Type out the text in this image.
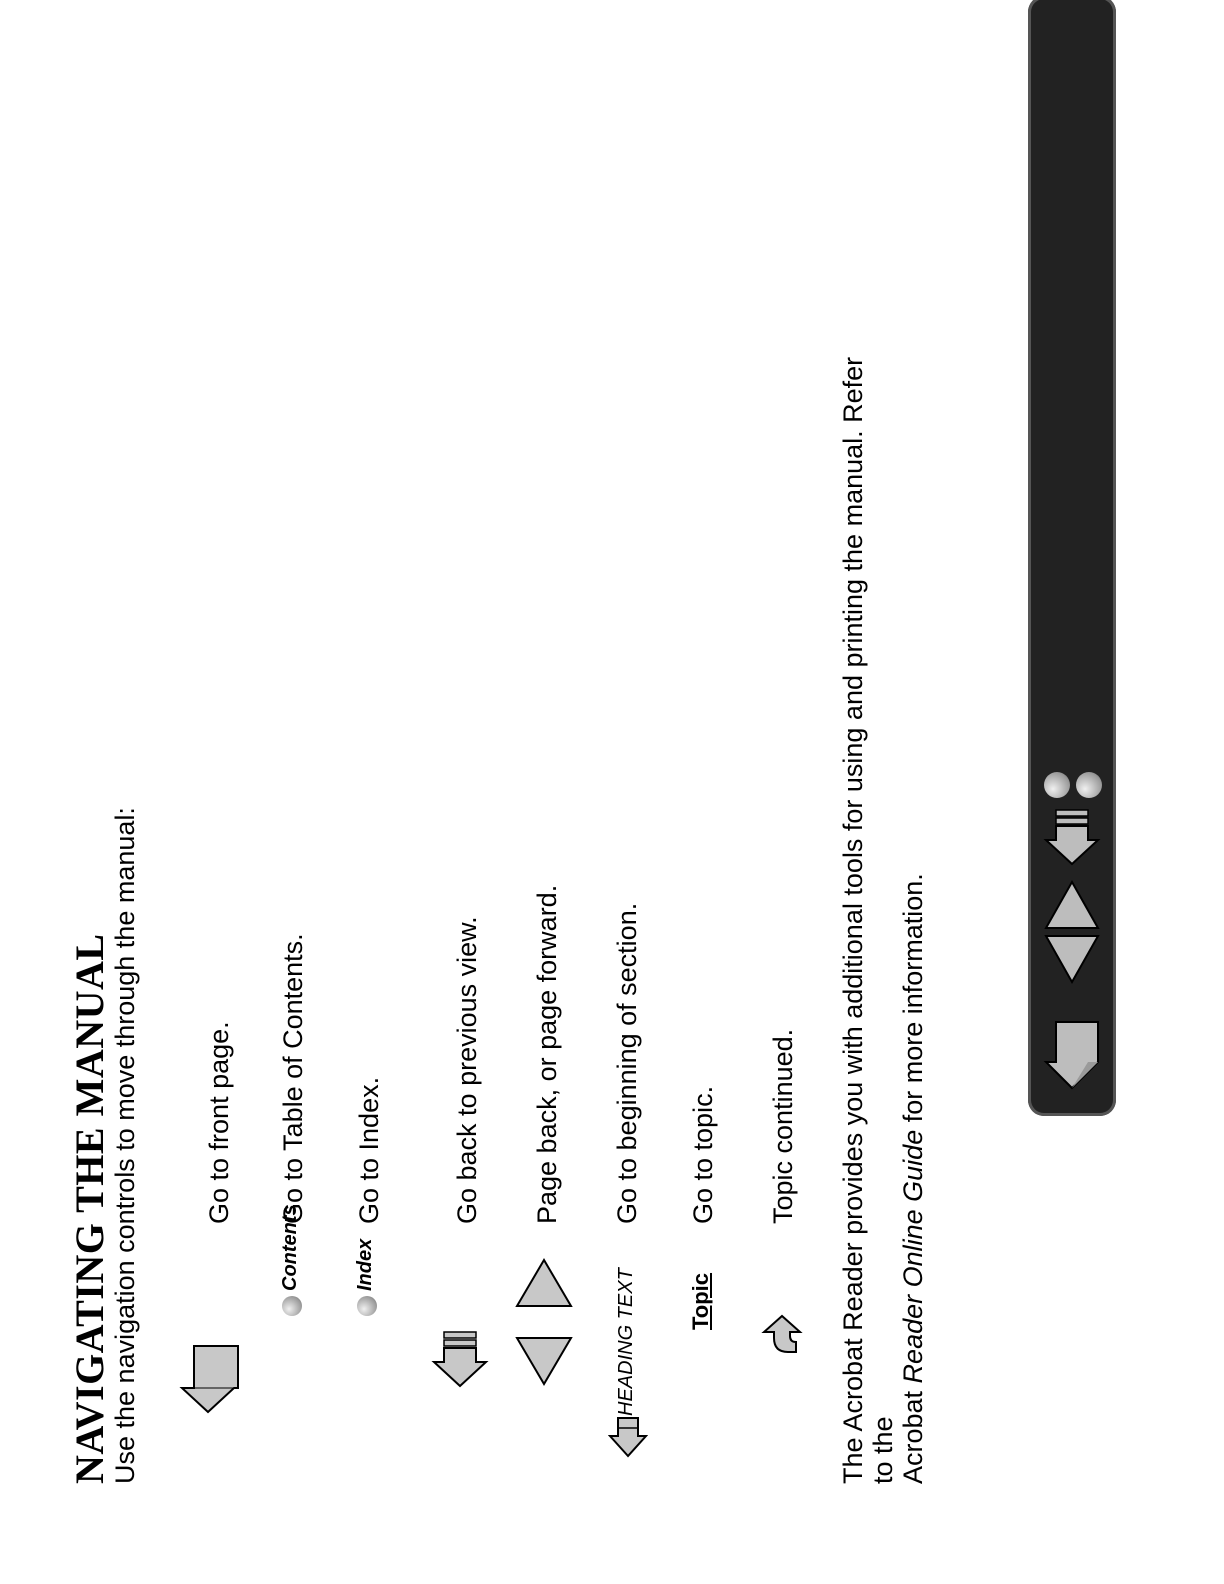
NAVIGATING THE MANUAL
Use the navigation controls to move through the manual: Go to front page.
Contents
Go to Table of Contents.
Index
Go to Index.	Go back to previous view. Page back, or page forward.
HEADING TEXT
Go to beginning of section.
Topic
Go to topic. Topic continued. The Acrobat Reader provides you with additional tools for using and printing the manual. Refer to the Acrobat Reader Online Guide for more information.
